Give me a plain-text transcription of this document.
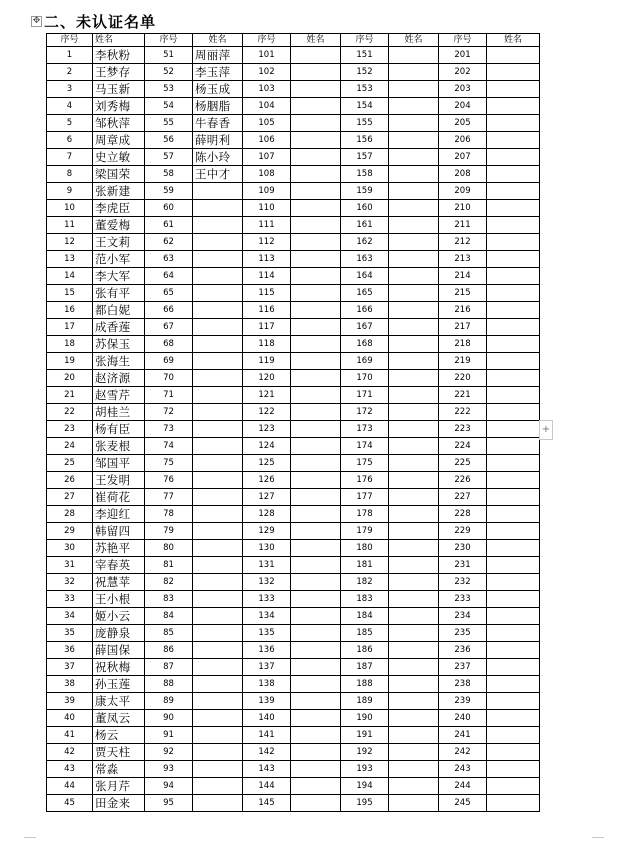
✥ 二、未认证名单
序号	姓名	序号	姓名	序号	姓名	序号	姓名	序号	姓名
1	李秋粉	51	周丽萍	101		151		201	
2	王梦存	52	李玉萍	102		152		202	
3	马玉新	53	杨玉成	103		153		203	
4	刘秀梅	54	杨胭脂	104		154		204	
5	邹秋萍	55	牛春香	105		155		205	
6	周章成	56	薛明利	106		156		206	
7	史立敏	57	陈小玲	107		157		207	
8	梁国荣	58	王中才	108		158		208	
9	张新建	59		109		159		209	
10	李虎臣	60		110		160		210	
11	董爱梅	61		111		161		211	
12	王文莉	62		112		162		212	
13	范小军	63		113		163		213	
14	李大军	64		114		164		214	
15	张有平	65		115		165		215	
16	都白妮	66		116		166		216	
17	成香莲	67		117		167		217	
18	苏保玉	68		118		168		218	
19	张海生	69		119		169		219	
20	赵济源	70		120		170		220	
21	赵雪芹	71		121		171		221	
22	胡桂兰	72		122		172		222	
23	杨有臣	73		123		173		223	
24	张麦根	74		124		174		224	
25	邹国平	75		125		175		225	
26	王发明	76		126		176		226	
27	崔荷花	77		127		177		227	
28	李迎红	78		128		178		228	
29	韩留四	79		129		179		229	
30	苏艳平	80		130		180		230	
31	宰春英	81		131		181		231	
32	祝慧苹	82		132		182		232	
33	王小根	83		133		183		233	
34	姬小云	84		134		184		234	
35	庞静泉	85		135		185		235	
36	薛国保	86		136		186		236	
37	祝秋梅	87		137		187		237	
38	孙玉莲	88		138		188		238	
39	康太平	89		139		189		239	
40	董凤云	90		140		190		240	
41	杨云	91		141		191		241	
42	贾天柱	92		142		192		242	
43	常淼	93		143		193		243	
44	张月芹	94		144		194		244	
45	田金来	95		145		195		245	
+
